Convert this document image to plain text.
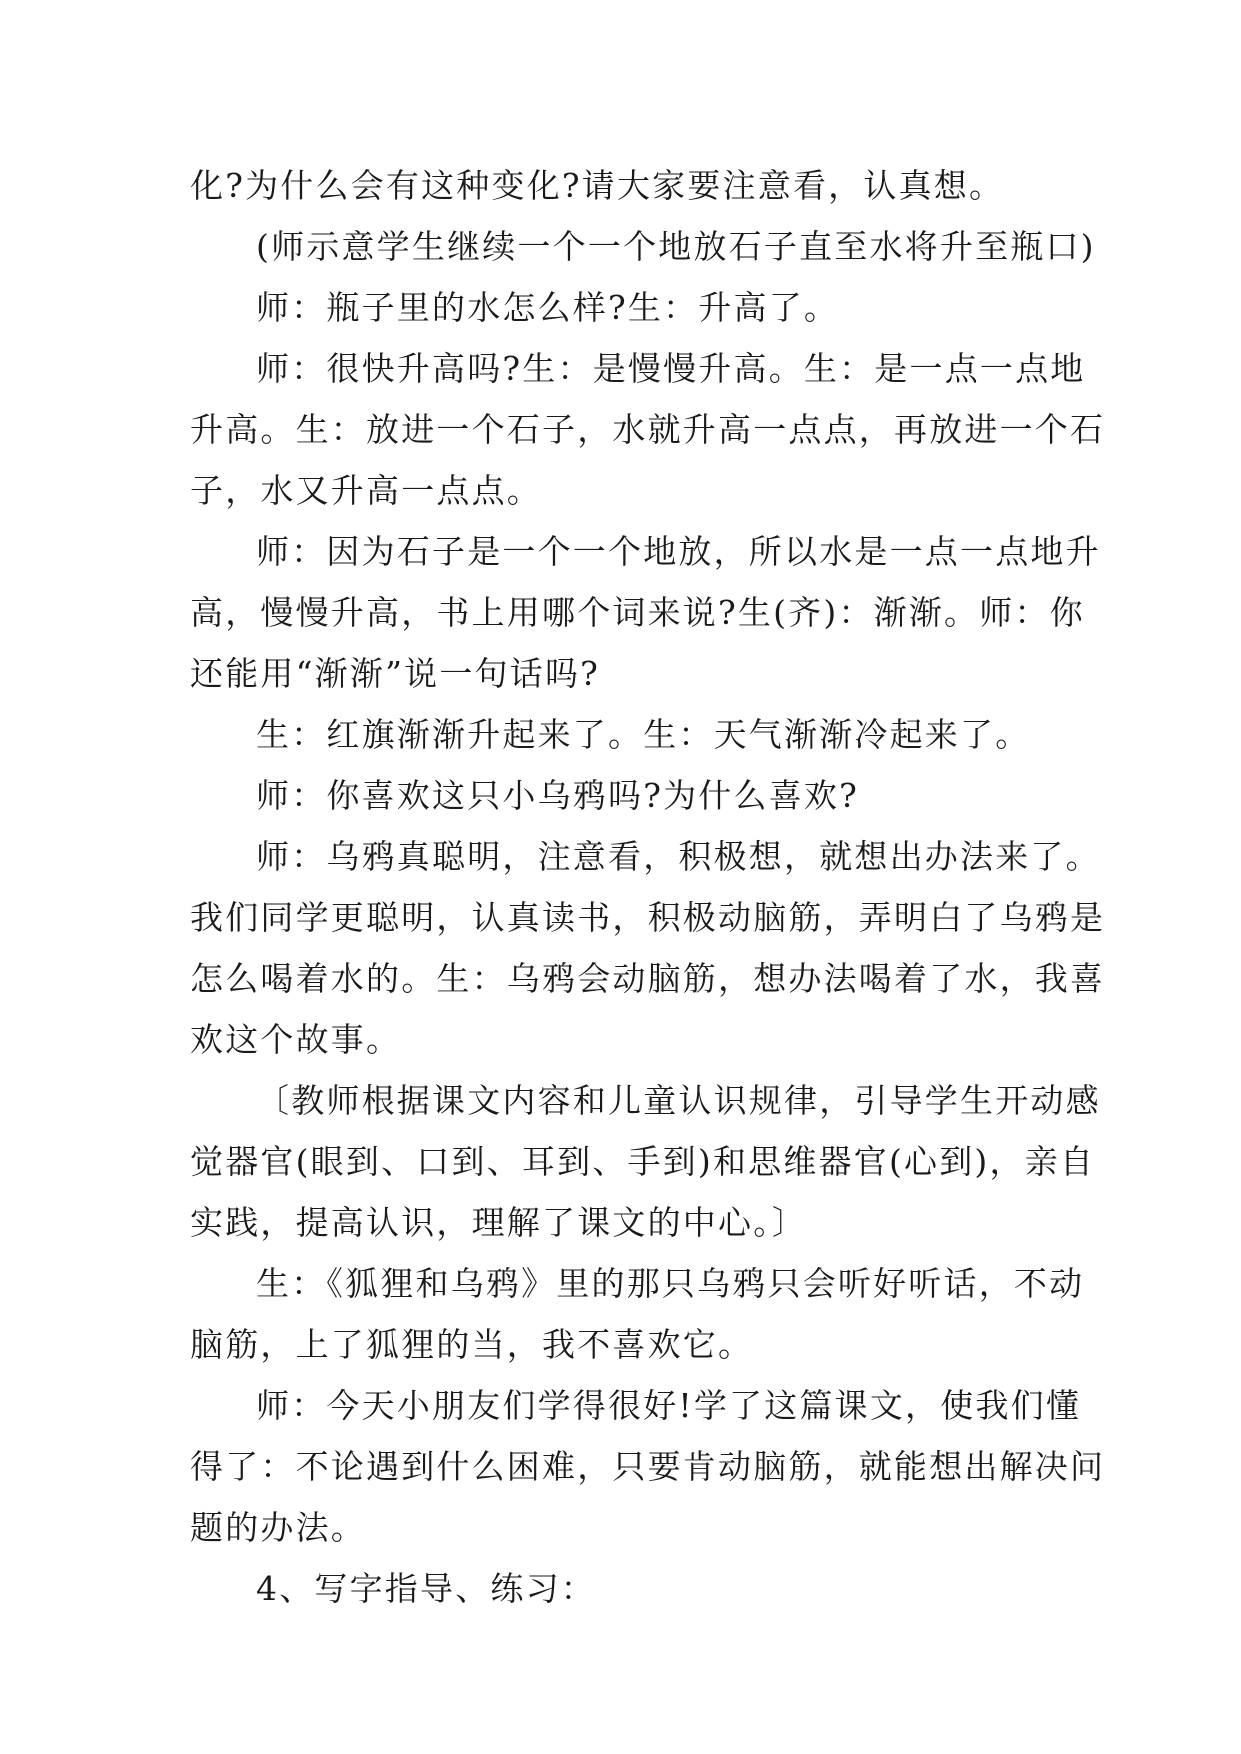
化?为什么会有这种变化?请大家要注意看，认真想。
(师示意学生继续一个一个地放石子直至水将升至瓶口)
师：瓶子里的水怎么样?生：升高了。
师：很快升高吗?生：是慢慢升高。生：是一点一点地
升高。生：放进一个石子，水就升高一点点，再放进一个石
子，水又升高一点点。
师：因为石子是一个一个地放，所以水是一点一点地升
高，慢慢升高，书上用哪个词来说?生(齐)：渐渐。师：你
还能用“渐渐”说一句话吗?
生：红旗渐渐升起来了。生：天气渐渐冷起来了。
师：你喜欢这只小乌鸦吗?为什么喜欢?
师：乌鸦真聪明，注意看，积极想，就想出办法来了。
我们同学更聪明，认真读书，积极动脑筋，弄明白了乌鸦是
怎么喝着水的。生：乌鸦会动脑筋，想办法喝着了水，我喜
欢这个故事。
〔教师根据课文内容和儿童认识规律，引导学生开动感
觉器官(眼到、口到、耳到、手到)和思维器官(心到)，亲自
实践，提高认识，理解了课文的中心。〕
生：《狐狸和乌鸦》里的那只乌鸦只会听好听话，不动
脑筋，上了狐狸的当，我不喜欢它。
师：今天小朋友们学得很好!学了这篇课文，使我们懂
得了：不论遇到什么困难，只要肯动脑筋，就能想出解决问
题的办法。
4、写字指导、练习：
